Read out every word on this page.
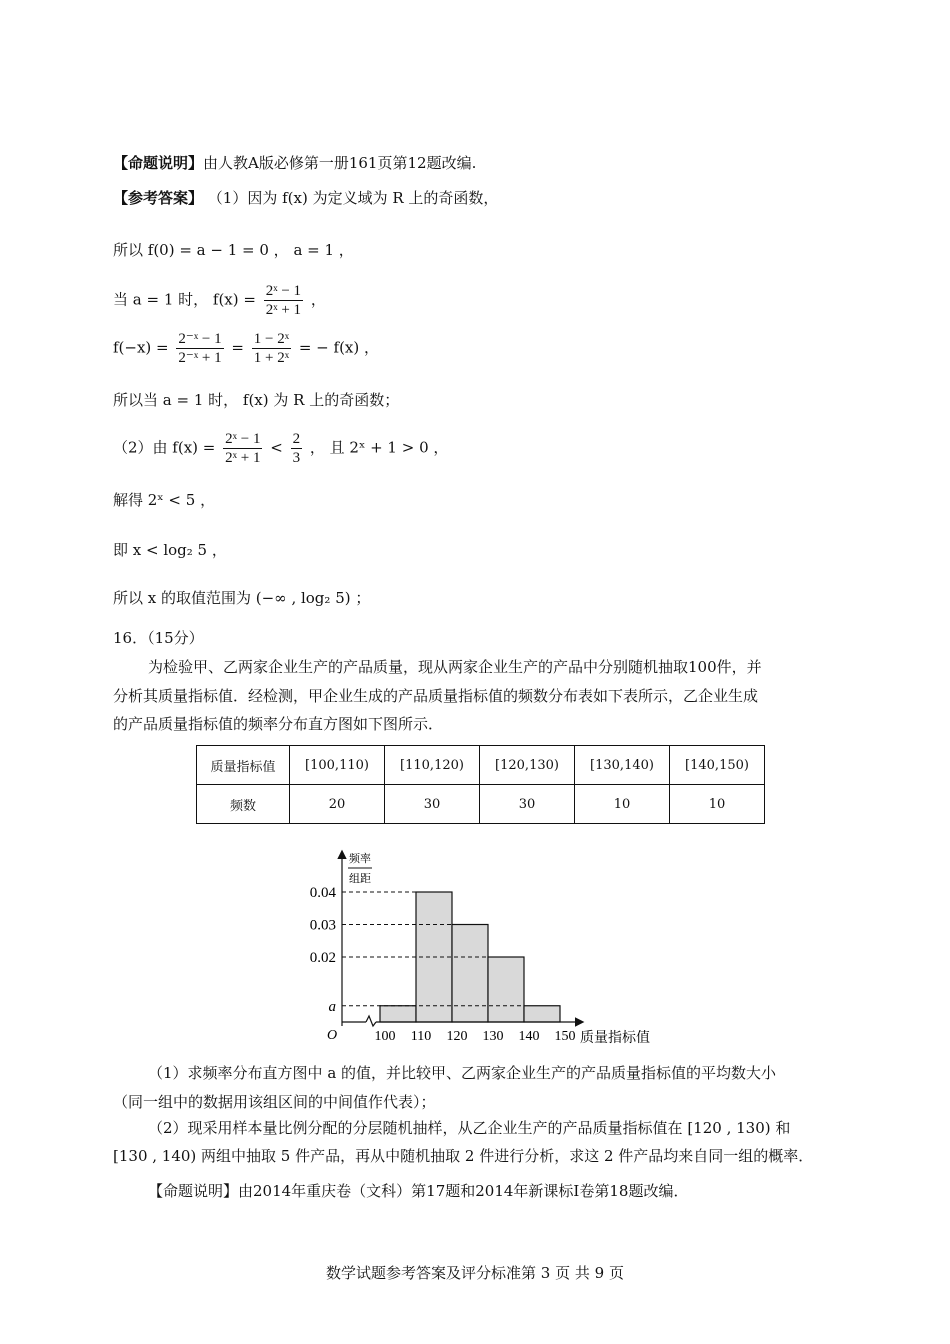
【命题说明】由人教A版必修第一册161页第12题改编.
【参考答案】 （1）因为 f(x) 为定义域为 R 上的奇函数，
所以 f(0) = a − 1 = 0 ， a = 1 ，
当 a = 1 时， $f(x) = \frac{\text{2ˣ − 1}}{\text{2ˣ + 1}}$ ，
$f(-x) = \frac{\text{2⁻ˣ − 1}}{\text{2⁻ˣ + 1}} = \frac{\text{1 − 2ˣ}}{\text{1 + 2ˣ}}$ = − f(x) ，
所以当 a = 1 时， f(x) 为 R 上的奇函数；
（2）由 $f(x) = \frac{\text{2ˣ − 1}}{\text{2ˣ + 1}} < \frac{2}{3}$ ， 且 2ˣ + 1 > 0 ，
解得 2ˣ < 5 ，
即 x < log₂ 5 ，
所以 x 的取值范围为 (−∞ , log₂ 5) ；
16．（15分）
为检验甲、乙两家企业生产的产品质量，现从两家企业生产的产品中分别随机抽取100件，并
分析其质量指标值．经检测，甲企业生成的产品质量指标值的频数分布表如下表所示，乙企业生成
的产品质量指标值的频率分布直方图如下图所示．
质量指标值	[100,110)	[110,120)	[120,130)	[130,140)	[140,150)
频数	20	30	30	10	10
频率
组距
a
0.02
0.03
0.04
100 110 120 130 140 150
O	质量指标值
（1）求频率分布直方图中 a 的值，并比较甲、乙两家企业生产的产品质量指标值的平均数大小
（同一组中的数据用该组区间的中间值作代表）；
（2）现采用样本量比例分配的分层随机抽样，从乙企业生产的产品质量指标值在 [120 , 130) 和
[130 , 140) 两组中抽取 5 件产品，再从中随机抽取 2 件进行分析，求这 2 件产品均来自同一组的概率．
【命题说明】由2014年重庆卷（文科）第17题和2014年新课标Ⅰ卷第18题改编．
数学试题参考答案及评分标准第 3 页 共 9 页
